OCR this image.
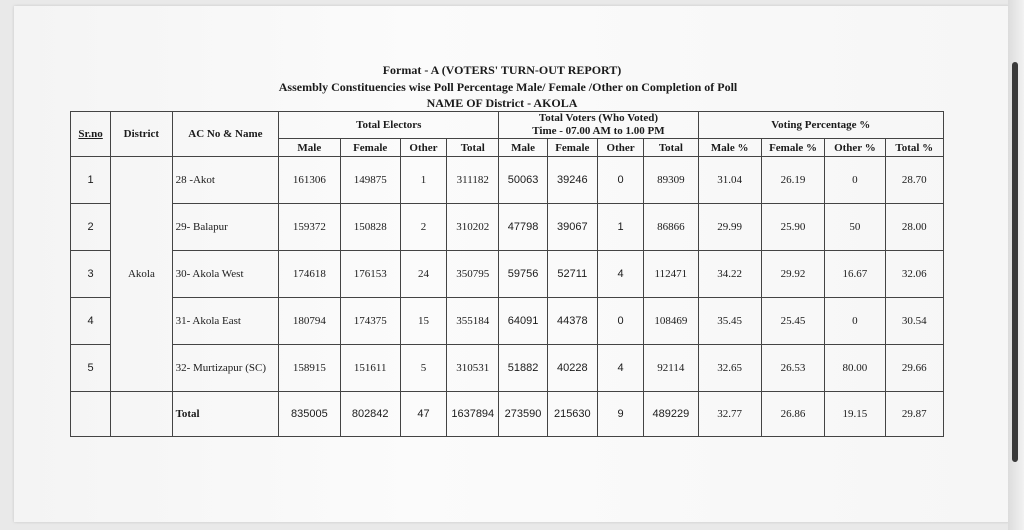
Format - A (VOTERS' TURN-OUT REPORT)
Assembly Constituencies wise Poll Percentage Male/ Female /Other on Completion of Poll
NAME OF District - AKOLA
Sr.no	District	AC No & Name	Total Electors				Total Voters (Who Voted)
Time - 07.00 AM to 1.00 PM				Voting Percentage %			
			Male	Female	Other	Total	Male	Female	Other	Total	Male %	Female %	Other %	Total %
1	Akola	28 -Akot	161306	149875	1	311182	50063	39246	0	89309	31.04	26.19	0	28.70
2		29- Balapur	159372	150828	2	310202	47798	39067	1	86866	29.99	25.90	50	28.00
3		30- Akola West	174618	176153	24	350795	59756	52711	4	112471	34.22	29.92	16.67	32.06
4		31- Akola East	180794	174375	15	355184	64091	44378	0	108469	35.45	25.45	0	30.54
5		32- Murtizapur (SC)	158915	151611	5	310531	51882	40228	4	92114	32.65	26.53	80.00	29.66
		Total	835005	802842	47	1637894	273590	215630	9	489229	32.77	26.86	19.15	29.87
